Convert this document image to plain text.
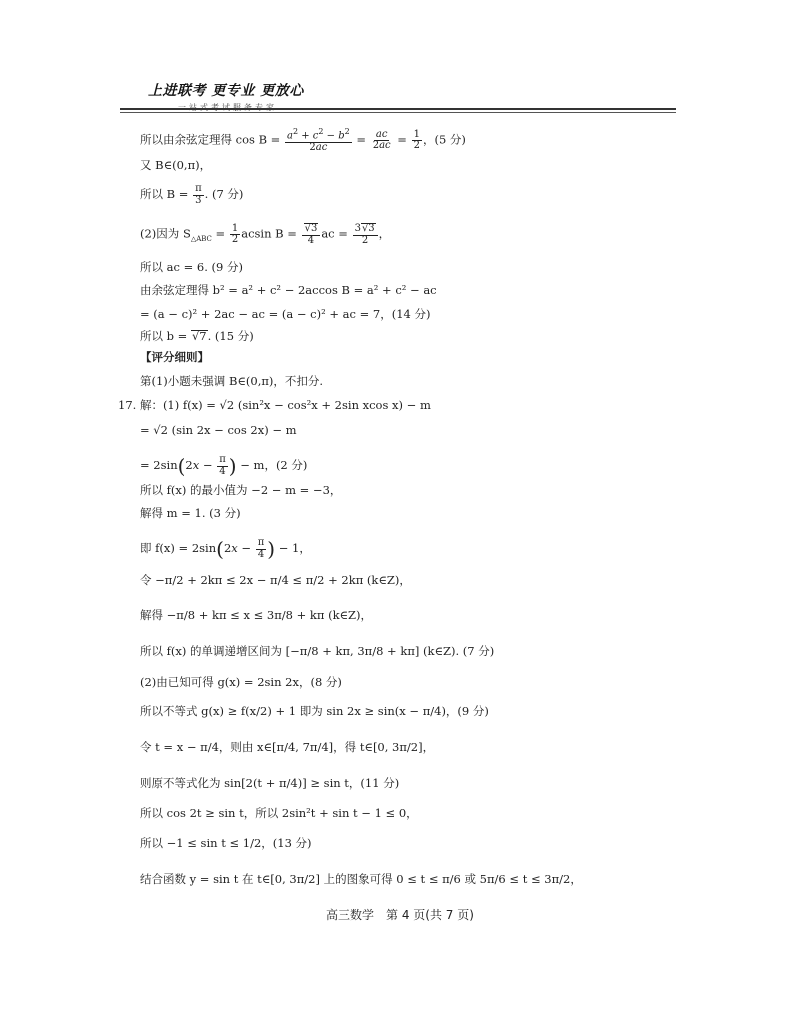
上进联考 更专业 更放心
所以由余弦定理得 $\cos B = \frac{a^2 + c^2 - b^2}{2ac} = \frac{ac}{2ac} = \frac{1}{2}$ ，(5 分)
又 B∈(0,π)，
所以 $B = \frac{\pi}{3}$ . (7 分)
(2)因为 $S_{\triangle ABC} = \frac{1}{2}$ acsin $B = \frac{√3}{4}$ ac = $\frac{3√3}{2}$ ，
所以 ac = 6. (9 分)
由余弦定理得 b² = a² + c² − 2accos B = a² + c² − ac
= (a − c)² + 2ac − ac = (a − c)² + ac = 7，(14 分)
所以 b = √7. (15 分)
【评分细则】
第(1)小题未强调 B∈(0,π)，不扣分.
17. 解：(1) f(x) = √2 (sin²x − cos²x + 2sin xcos x) − m
= √2 (sin 2x − cos 2x) − m
= $2\sin(2x - \frac{\pi}{4}$ ) − m，(2 分)
所以 f(x) 的最小值为 −2 − m = −3，
解得 m = 1. (3 分)
即 $f(x) = 2\sin(2x - \frac{\pi}{4}$ ) − 1，
令 −π/2 + 2kπ ≤ 2x − π/4 ≤ π/2 + 2kπ (k∈Z)，
解得 −π/8 + kπ ≤ x ≤ 3π/8 + kπ (k∈Z)，
所以 f(x) 的单调递增区间为 [−π/8 + kπ, 3π/8 + kπ] (k∈Z). (7 分)
(2)由已知可得 g(x) = 2sin 2x，(8 分)
所以不等式 g(x) ≥ f(x/2) + 1 即为 sin 2x ≥ sin(x − π/4)，(9 分)
令 t = x − π/4，则由 x∈[π/4, 7π/4]，得 t∈[0, 3π/2]，
则原不等式化为 sin[2(t + π/4)] ≥ sin t，(11 分)
所以 cos 2t ≥ sin t，所以 2sin²t + sin t − 1 ≤ 0，
所以 −1 ≤ sin t ≤ 1/2，(13 分)
结合函数 y = sin t 在 t∈[0, 3π/2] 上的图象可得 0 ≤ t ≤ π/6 或 5π/6 ≤ t ≤ 3π/2，
高三数学　第 4 页(共 7 页)
